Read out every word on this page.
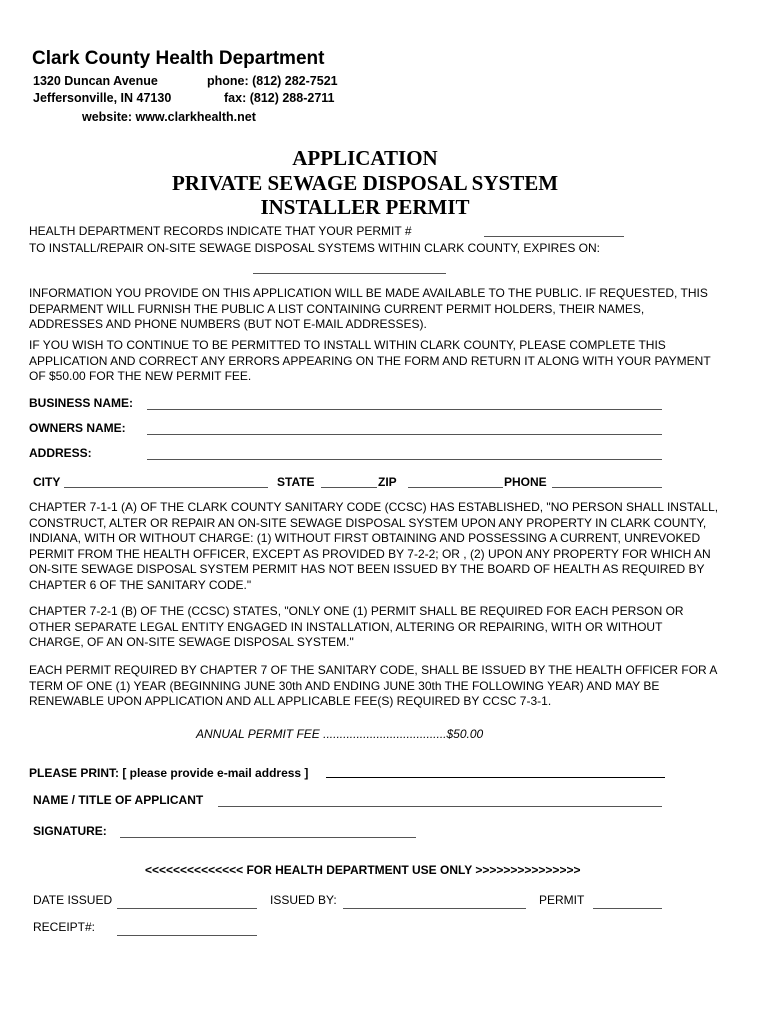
Clark County Health Department
1320 Duncan Avenue
Jeffersonville, IN 47130
phone: (812) 282-7521
fax: (812) 288-2711
website: www.clarkhealth.net
APPLICATION
PRIVATE SEWAGE DISPOSAL SYSTEM
INSTALLER PERMIT
HEALTH DEPARTMENT RECORDS INDICATE THAT YOUR PERMIT #
TO INSTALL/REPAIR ON-SITE SEWAGE DISPOSAL SYSTEMS WITHIN CLARK COUNTY, EXPIRES ON:
INFORMATION YOU PROVIDE ON THIS APPLICATION WILL BE MADE AVAILABLE TO THE PUBLIC. IF REQUESTED, THIS DEPARMENT WILL FURNISH THE PUBLIC A LIST CONTAINING CURRENT PERMIT HOLDERS, THEIR NAMES, ADDRESSES AND PHONE NUMBERS (BUT NOT E-MAIL ADDRESSES).
IF YOU WISH TO CONTINUE TO BE PERMITTED TO INSTALL WITHIN CLARK COUNTY, PLEASE COMPLETE THIS APPLICATION AND CORRECT ANY ERRORS APPEARING ON THE FORM AND RETURN IT ALONG WITH YOUR PAYMENT OF $50.00 FOR THE NEW PERMIT FEE.
BUSINESS NAME:
OWNERS NAME:
ADDRESS:
CITY	STATE	ZIP	PHONE
CHAPTER 7-1-1 (A) OF THE CLARK COUNTY SANITARY CODE (CCSC) HAS ESTABLISHED, "NO PERSON SHALL INSTALL, CONSTRUCT, ALTER OR REPAIR AN ON-SITE SEWAGE DISPOSAL SYSTEM UPON ANY PROPERTY IN CLARK COUNTY, INDIANA, WITH OR WITHOUT CHARGE: (1) WITHOUT FIRST OBTAINING AND POSSESSING A CURRENT, UNREVOKED PERMIT FROM THE HEALTH OFFICER, EXCEPT AS PROVIDED BY 7-2-2; OR , (2) UPON ANY PROPERTY FOR WHICH AN ON-SITE SEWAGE DISPOSAL SYSTEM PERMIT HAS NOT BEEN ISSUED BY THE BOARD OF HEALTH AS REQUIRED BY CHAPTER 6 OF THE SANITARY CODE."
CHAPTER 7-2-1 (B) OF THE (CCSC) STATES, "ONLY ONE (1) PERMIT SHALL BE REQUIRED FOR EACH PERSON OR OTHER SEPARATE LEGAL ENTITY ENGAGED IN INSTALLATION, ALTERING OR REPAIRING, WITH OR WITHOUT CHARGE, OF AN ON-SITE SEWAGE DISPOSAL SYSTEM."
EACH PERMIT REQUIRED BY CHAPTER 7 OF THE SANITARY CODE, SHALL BE ISSUED BY THE HEALTH OFFICER FOR A TERM OF ONE (1) YEAR (BEGINNING JUNE 30th AND ENDING JUNE 30th THE FOLLOWING YEAR) AND MAY BE RENEWABLE UPON APPLICATION AND ALL APPLICABLE FEE(S) REQUIRED BY CCSC 7-3-1.
ANNUAL PERMIT FEE .....................................$50.00
PLEASE PRINT: [ please provide e-mail address ]
NAME / TITLE OF APPLICANT
SIGNATURE:
<<<<<<<<<<<<<< FOR HEALTH DEPARTMENT USE ONLY >>>>>>>>>>>>>>>
DATE ISSUED	ISSUED BY:	PERMIT
RECEIPT#:
